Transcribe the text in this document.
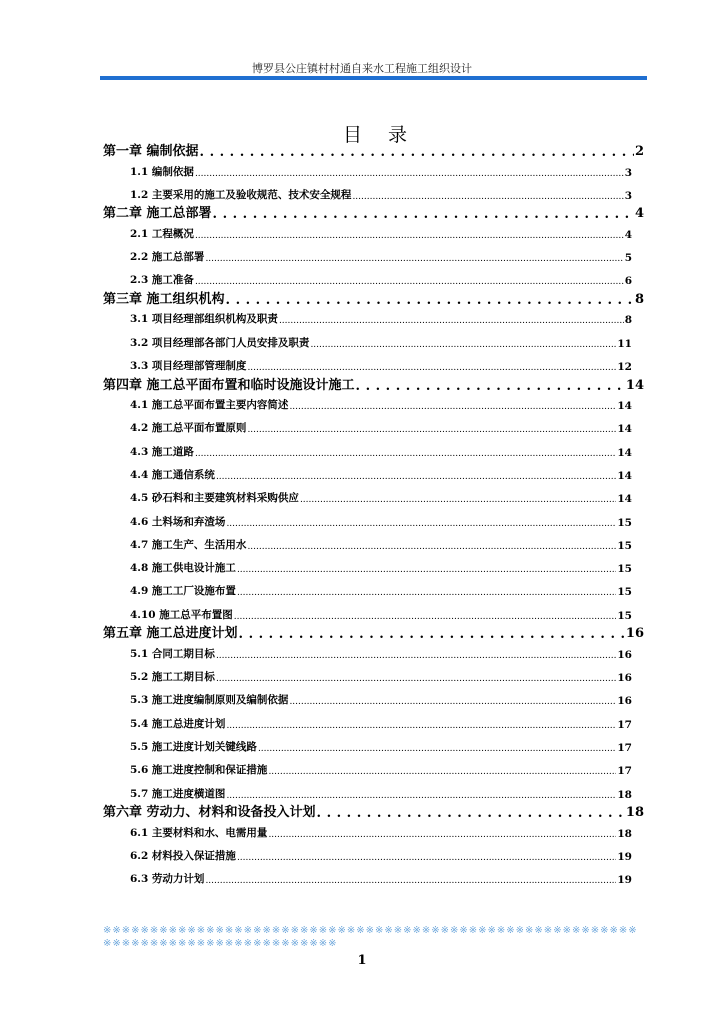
博罗县公庄镇村村通自来水工程施工组织设计
目录
第一章 编制依据 . . .	2
1.1 编制依据 .....	3
1.2 主要采用的施工及验收规范、技术安全规程 .....	3
第二章 施工总部署 . . .	4
2.1 工程概况 .....	4
2.2 施工总部署 .....	5
2.3 施工准备 .....	6
第三章 施工组织机构 . . .	8
3.1 项目经理部组织机构及职责 .....	8
3.2 项目经理部各部门人员安排及职责 .....	11
3.3 项目经理部管理制度 .....	12
第四章 施工总平面布置和临时设施设计施工 . . .	14
4.1 施工总平面布置主要内容简述 .....	14
4.2 施工总平面布置原则 .....	14
4.3 施工道路 .....	14
4.4 施工通信系统 .....	14
4.5 砂石料和主要建筑材料采购供应 .....	14
4.6 土料场和弃渣场 .....	15
4.7 施工生产、生活用水 .....	15
4.8 施工供电设计施工 .....	15
4.9 施工工厂设施布置 .....	15
4.10 施工总平布置图 .....	15
第五章 施工总进度计划 . . .	16
5.1 合同工期目标 .....	16
5.2 施工工期目标 .....	16
5.3 施工进度编制原则及编制依据 .....	16
5.4 施工总进度计划 .....	17
5.5 施工进度计划关键线路 .....	17
5.6 施工进度控制和保证措施 .....	17
5.7 施工进度横道图 .....	18
第六章 劳动力、材料和设备投入计划 . . .	18
6.1 主要材料和水、电需用量 .....	18
6.2 材料投入保证措施 .....	19
6.3 劳动力计划 .....	19
※※※※※※※※※※※※※※※※※※※※※※※※※※※※※※※※※※※※※※※※※※※※※※※※※※※※※※※※※※※※※※※※※※※※※※※※※※※※※※※※※※
1
